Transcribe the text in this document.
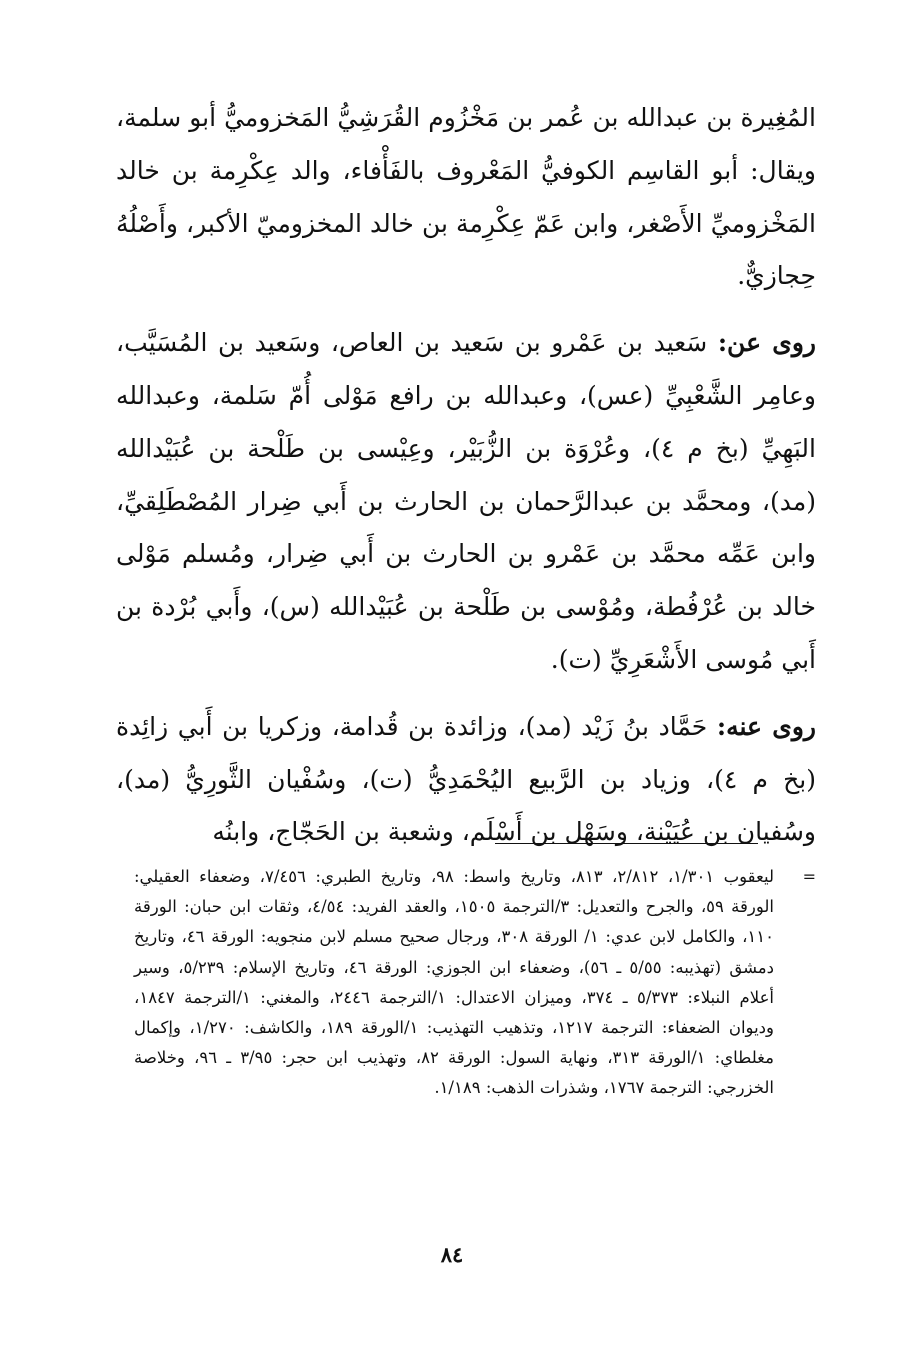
المُغِيرة بن عبدالله بن عُمر بن مَخْزُوم القُرَشِيُّ المَخزوميُّ أبو سلمة، ويقال: أبو القاسِم الكوفيُّ المَعْروف بالفَأْفاء، والد عِكْرِمة بن خالد المَخْزوميِّ الأَصْغر، وابن عَمّ عِكْرِمة بن خالد المخزوميّ الأكبر، وأَصْلُهُ حِجازيٌّ.

روى عن: سَعيد بن عَمْرو بن سَعيد بن العاص، وسَعيد بن المُسَيَّب، وعامِر الشَّعْبِيِّ (عس)، وعبدالله بن رافع مَوْلى أُمّ سَلمة، وعبدالله البَهِيِّ (بخ م ٤)، وعُرْوَة بن الزُّبَيْر، وعِيْسى بن طَلْحة بن عُبَيْدالله (مد)، ومحمَّد بن عبدالرَّحمان بن الحارث بن أَبي ضِرار المُصْطَلِقيِّ، وابن عَمِّه محمَّد بن عَمْرو بن الحارث بن أَبي ضِرار، ومُسلم مَوْلى خالد بن عُرْفُطة، ومُوْسى بن طَلْحة بن عُبَيْدالله (س)، وأَبي بُرْدة بن أَبي مُوسى الأَشْعَرِيِّ (ت).

روى عنه: حَمَّاد بنُ زَيْد (مد)، وزائدة بن قُدامة، وزكريا بن أَبي زائِدة (بخ م ٤)، وزياد بن الرَّبيع اليُحْمَدِيُّ (ت)، وسُفْيان الثَّورِيُّ (مد)، وسُفيان بن عُيَيْنة، وسَهْل بن أَسْلَم، وشعبة بن الحَجّاج، وابنُه

=

ليعقوب ١/٣٠١، ٢/٨١٢، ٨١٣، وتاريخ واسط: ٩٨، وتاريخ الطبري: ٧/٤٥٦، وضعفاء العقيلي: الورقة ٥٩، والجرح والتعديل: ٣/الترجمة ١٥٠٥، والعقد الفريد: ٤/٥٤، وثقات ابن حبان: الورقة ١١٠، والكامل لابن عدي: ١/ الورقة ٣٠٨، ورجال صحيح مسلم لابن منجويه: الورقة ٤٦، وتاريخ دمشق (تهذيبه: ٥/٥٥ ـ ٥٦)، وضعفاء ابن الجوزي: الورقة ٤٦، وتاريخ الإسلام: ٥/٢٣٩، وسير أعلام النبلاء: ٥/٣٧٣ ـ ٣٧٤، وميزان الاعتدال: ١/الترجمة ٢٤٤٦، والمغني: ١/الترجمة ١٨٤٧، وديوان الضعفاء: الترجمة ١٢١٧، وتذهيب التهذيب: ١/الورقة ١٨٩، والكاشف: ١/٢٧٠، وإكمال مغلطاي: ١/الورقة ٣١٣، ونهاية السول: الورقة ٨٢، وتهذيب ابن حجر: ٣/٩٥ ـ ٩٦، وخلاصة الخزرجي: الترجمة ١٧٦٧، وشذرات الذهب: ١/١٨٩.

٨٤
